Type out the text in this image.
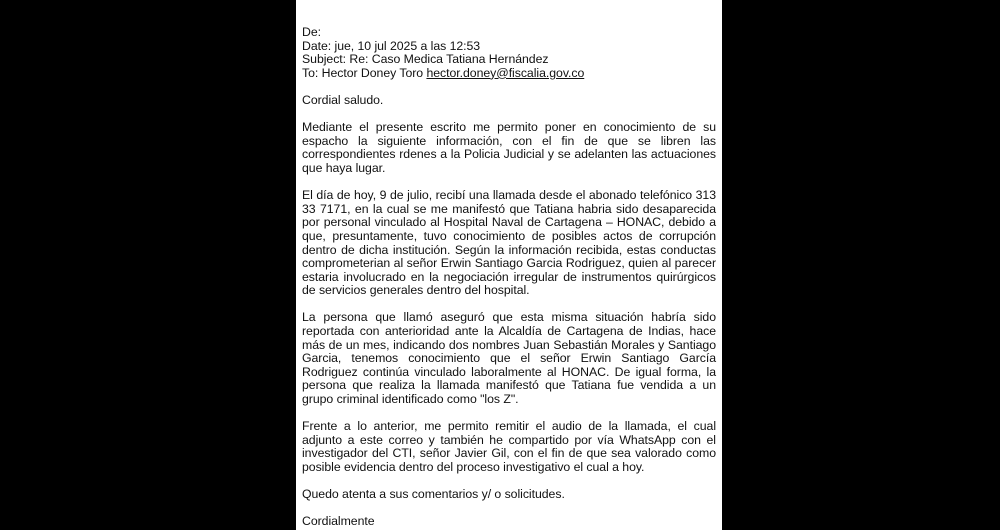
De:
Date: jue, 10 jul 2025 a las 12:53
Subject: Re: Caso Medica Tatiana Hernández
To: Hector Doney Toro hector.doney@fiscalia.gov.co

Cordial saludo.

Mediante el presente escrito me permito poner en conocimiento de su espacho la siguiente información, con el fin de que se libren las correspondientes rdenes a la Policia Judicial y se adelanten las actuaciones que haya lugar.

El día de hoy, 9 de julio, recibí una llamada desde el abonado telefónico 313 33 7171, en la cual se me manifestó que Tatiana habria sido desaparecida por personal vinculado al Hospital Naval de Cartagena – HONAC, debido a que, presuntamente, tuvo conocimiento de posibles actos de corrupción dentro de dicha institución. Según la información recibida, estas conductas comprometerian al señor Erwin Santiago Garcia Rodriguez, quien al parecer estaria involucrado en la negociación irregular de instrumentos quirúrgicos de servicios generales dentro del hospital.

La persona que llamó aseguró que esta misma situación habría sido reportada con anterioridad ante la Alcaldía de Cartagena de Indias, hace más de un mes, indicando dos nombres Juan Sebastián Morales y Santiago Garcia, tenemos conocimiento que el señor Erwin Santiago García Rodriguez continúa vinculado laboralmente al HONAC. De igual forma, la persona que realiza la llamada manifestó que Tatiana fue vendida a un grupo criminal identificado como "los Z".

Frente a lo anterior, me permito remitir el audio de la llamada, el cual adjunto a este correo y también he compartido por vía WhatsApp con el investigador del CTI, señor Javier Gil, con el fin de que sea valorado como posible evidencia dentro del proceso investigativo el cual a hoy.

Quedo atenta a sus comentarios y/ o solicitudes.

Cordialmente
